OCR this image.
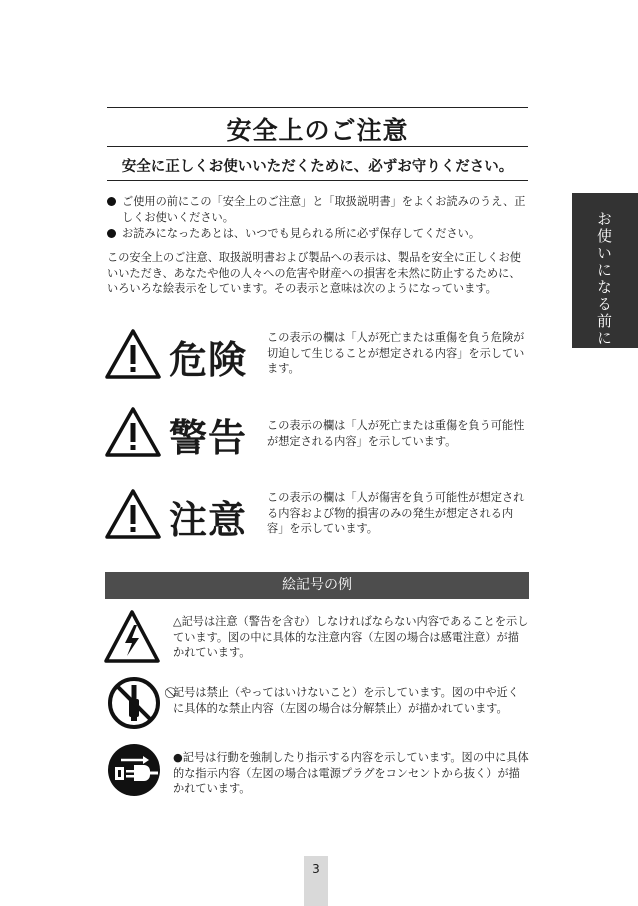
安全上のご注意
安全に正しくお使いいただくために、必ずお守りください。
ご使用の前にこの「安全上のご注意」と「取扱説明書」をよくお読みのうえ、正しくお使いください。
お読みになったあとは、いつでも見られる所に必ず保存してください。
この安全上のご注意、取扱説明書および製品への表示は、製品を安全に正しくお使いいただき、あなたや他の人々への危害や財産への損害を未然に防止するために、いろいろな絵表示をしています。その表示と意味は次のようになっています。
危険
この表示の欄は「人が死亡または重傷を負う危険が切迫して生じることが想定される内容」を示しています。
警告 この表示の欄は「人が死亡または重傷を負う可能性が想定される内容」を示しています。
注意
この表示の欄は「人が傷害を負う可能性が想定される内容および物的損害のみの発生が想定される内容」を示しています。
絵記号の例
△記号は注意（警告を含む）しなければならない内容であることを示しています。図の中に具体的な注意内容（左図の場合は感電注意）が描かれています。
⃠記号は禁止（やってはいけないこと）を示しています。図の中や近くに具体的な禁止内容（左図の場合は分解禁止）が描かれています。
●記号は行動を強制したり指示する内容を示しています。図の中に具体的な指示内容（左図の場合は電源プラグをコンセントから抜く）が描かれています。
お使いになる前に
3
